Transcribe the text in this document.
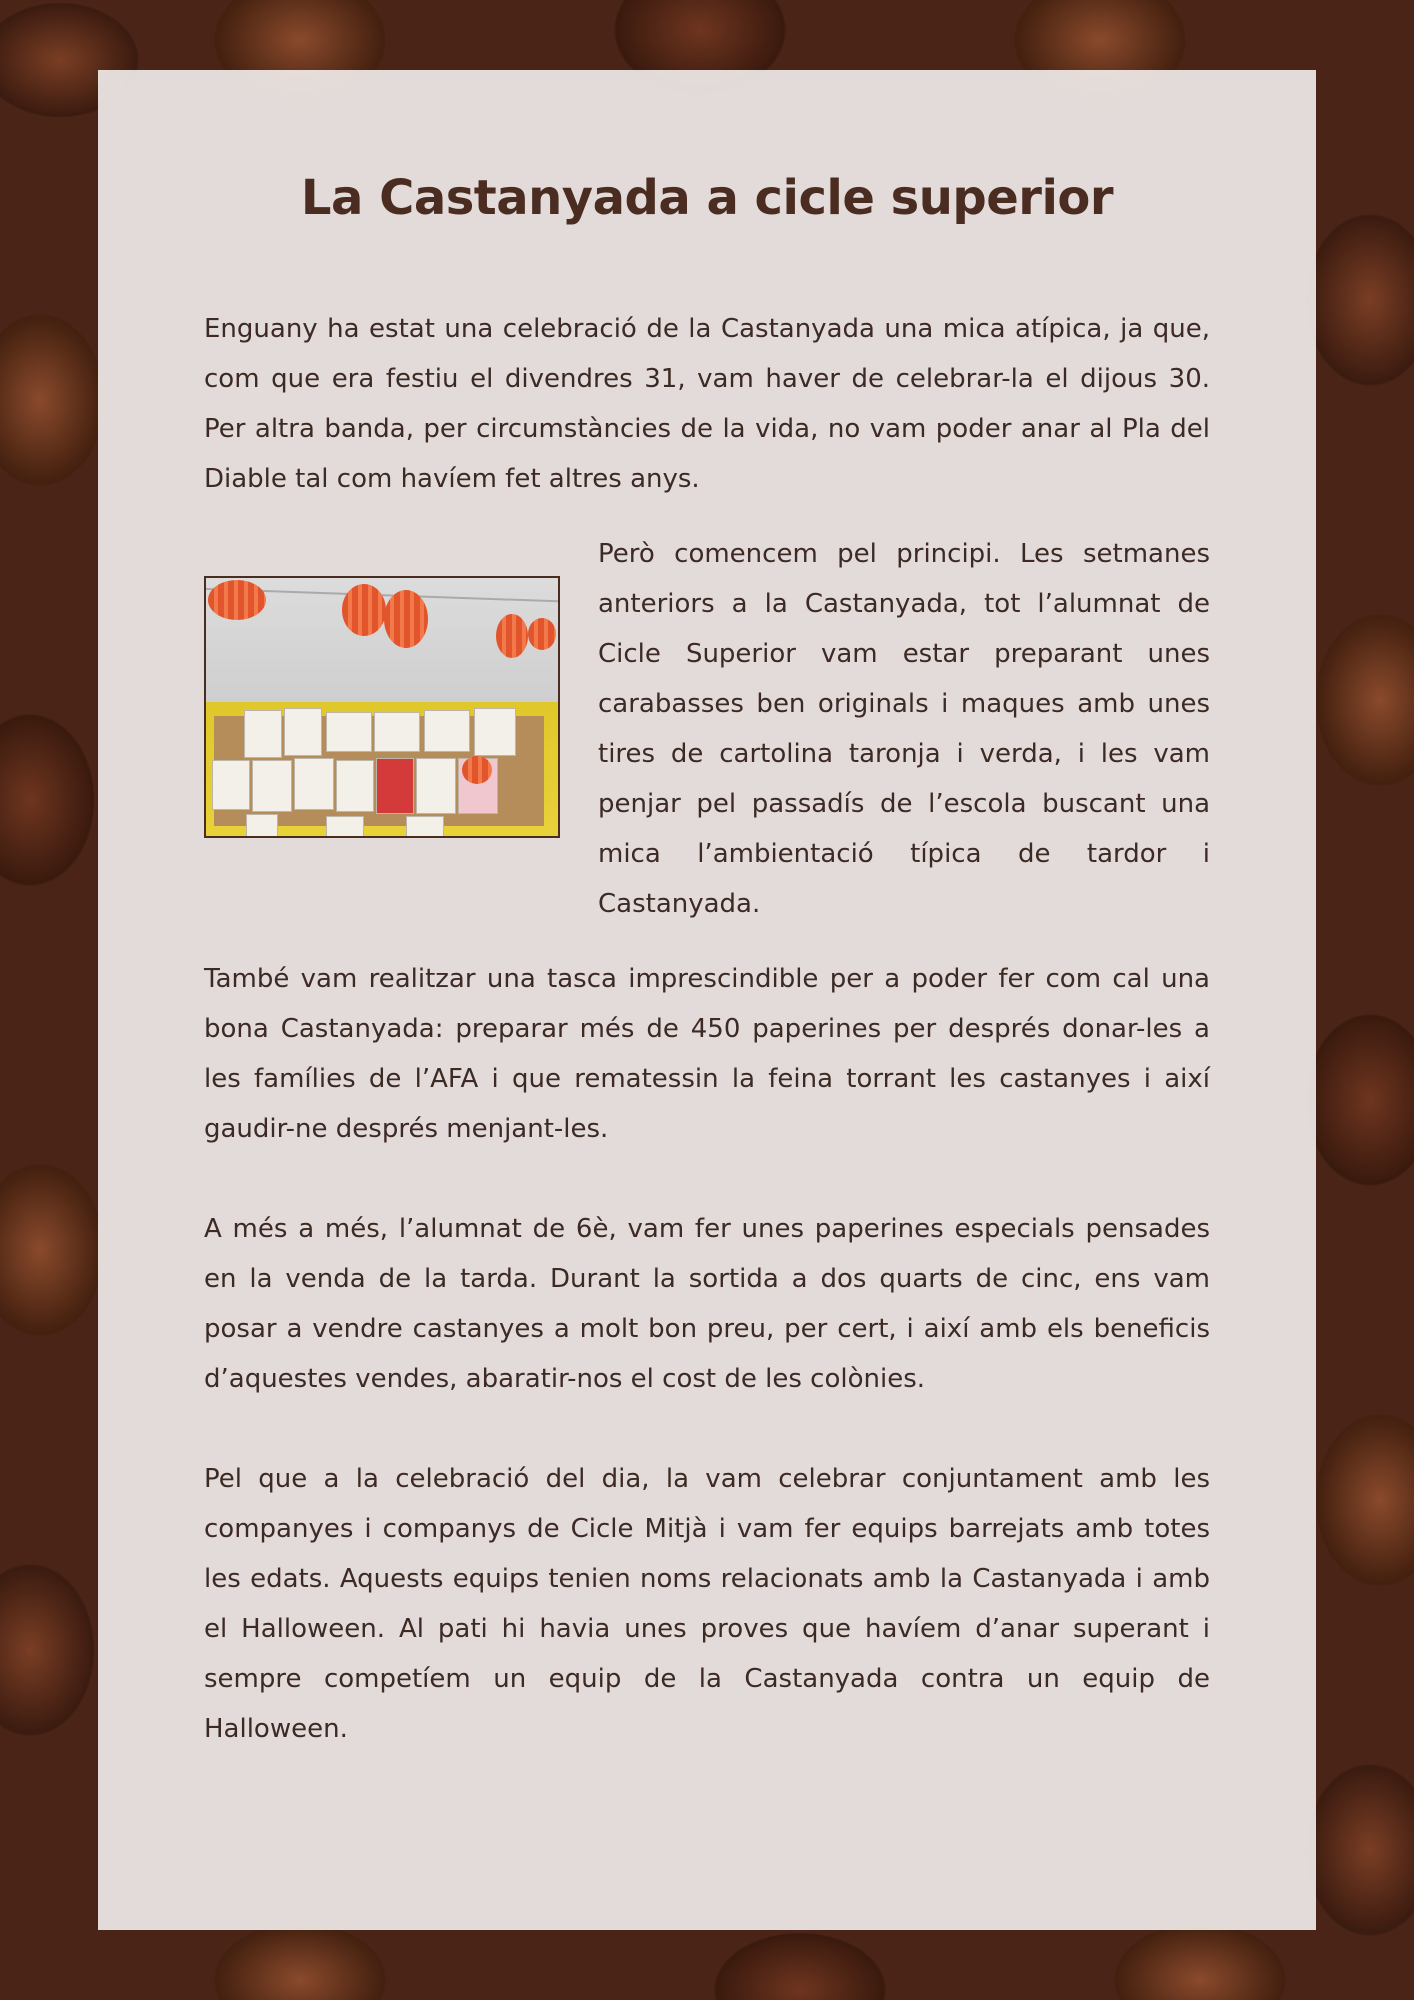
La Castanyada a cicle superior

Enguany ha estat una celebració de la Castanyada una mica atípica, ja que, com que era festiu el divendres 31, vam haver de celebrar-la el dijous 30. Per altra banda, per circumstàncies de la vida, no vam poder anar al Pla del Diable tal com havíem fet altres anys.

Però comencem pel principi. Les setmanes anteriors a la Castanyada, tot l’alumnat de Cicle Superior vam estar preparant unes carabasses ben originals i maques amb unes tires de cartolina taronja i verda, i les vam penjar pel passadís de l’escola buscant una mica l’ambientació típica de tardor i Castanyada.

També vam realitzar una tasca imprescindible per a poder fer com cal una bona Castanyada: preparar més de 450 paperines per després donar-les a les famílies de l’AFA i que rematessin la feina torrant les castanyes i així gaudir-ne després menjant-les.

A més a més, l’alumnat de 6è, vam fer unes paperines especials pensades en la venda de la tarda. Durant la sortida a dos quarts de cinc, ens vam posar a vendre castanyes a molt bon preu, per cert, i així amb els beneficis d’aquestes vendes, abaratir-nos el cost de les colònies.

Pel que a la celebració del dia, la vam celebrar conjuntament amb les companyes i companys de Cicle Mitjà i vam fer equips barrejats amb totes les edats. Aquests equips tenien noms relacionats amb la Castanyada i amb el Halloween. Al pati hi havia unes proves que havíem d’anar superant i sempre competíem un equip de la Castanyada contra un equip de Halloween.
